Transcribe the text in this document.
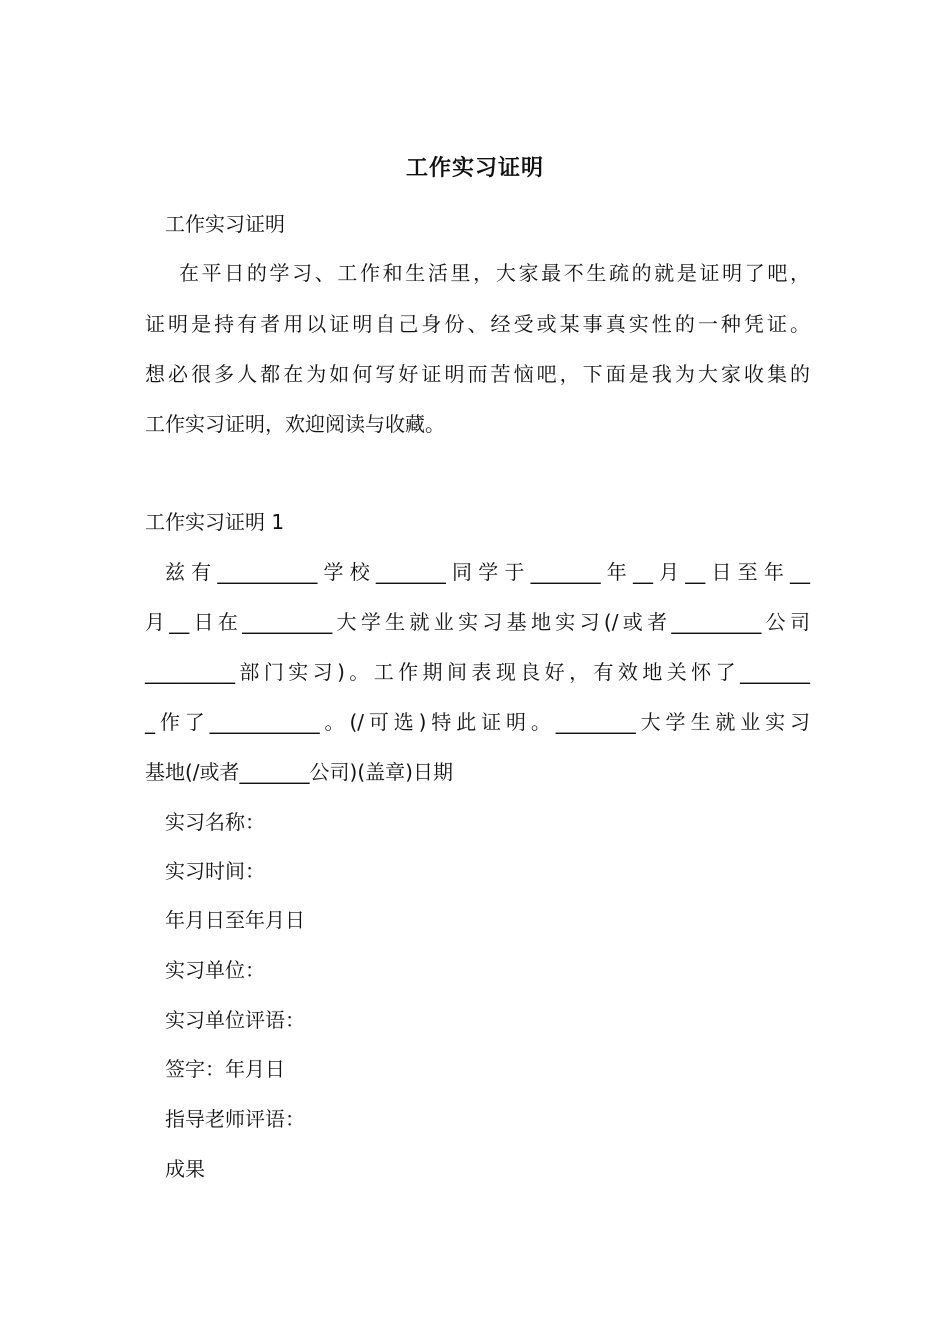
工作实习证明
工作实习证明
在平日的学习、工作和生活里，大家最不生疏的就是证明了吧，
证明是持有者用以证明自己身份、经受或某事真实性的一种凭证。
想必很多人都在为如何写好证明而苦恼吧，下面是我为大家收集的
工作实习证明，欢迎阅读与收藏。
工作实习证明 1
兹有__________学校_______同学于_______年__月__日至年__
月__日在_________大学生就业实习基地实习(/或者_________公司
_________部门实习)。工作期间表现良好，有效地关怀了_______
_作了___________。(/可选)特此证明。________大学生就业实习
基地(/或者_______公司)(盖章)日期
实习名称：
实习时间：
年月日至年月日
实习单位：
实习单位评语：
签字：年月日
指导老师评语：
成果
